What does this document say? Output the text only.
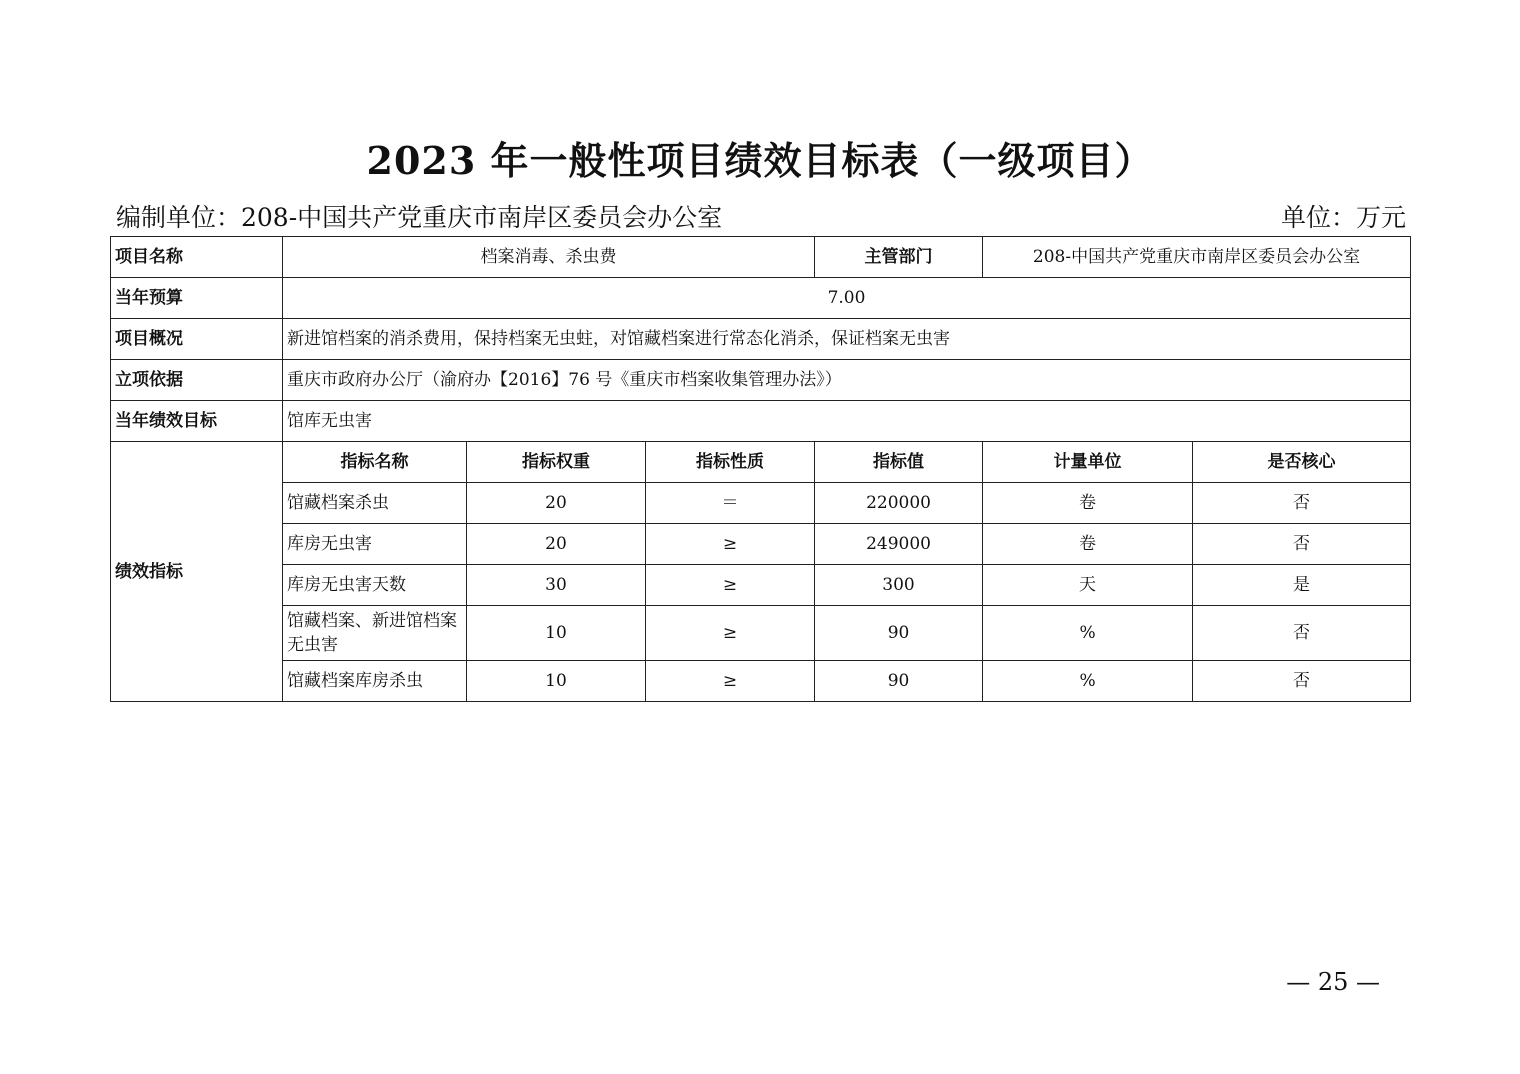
2023 年一般性项目绩效目标表（一级项目）
编制单位：208-中国共产党重庆市南岸区委员会办公室	单位：万元
项目名称	档案消毒、杀虫费			主管部门	208-中国共产党重庆市南岸区委员会办公室	
当年预算	7.00					
项目概况	新进馆档案的消杀费用，保持档案无虫蛀，对馆藏档案进行常态化消杀，保证档案无虫害					
立项依据	重庆市政府办公厅（渝府办【2016】76 号《重庆市档案收集管理办法》）					
当年绩效目标	馆库无虫害					
绩效指标	指标名称	指标权重	指标性质	指标值	计量单位	是否核心
	馆藏档案杀虫	20	＝	220000	卷	否
	库房无虫害	20	≥	249000	卷	否
	库房无虫害天数	30	≥	300	天	是
	馆藏档案、新进馆档案无虫害	10	≥	90	%	否
	馆藏档案库房杀虫	10	≥	90	%	否
— 25 —
